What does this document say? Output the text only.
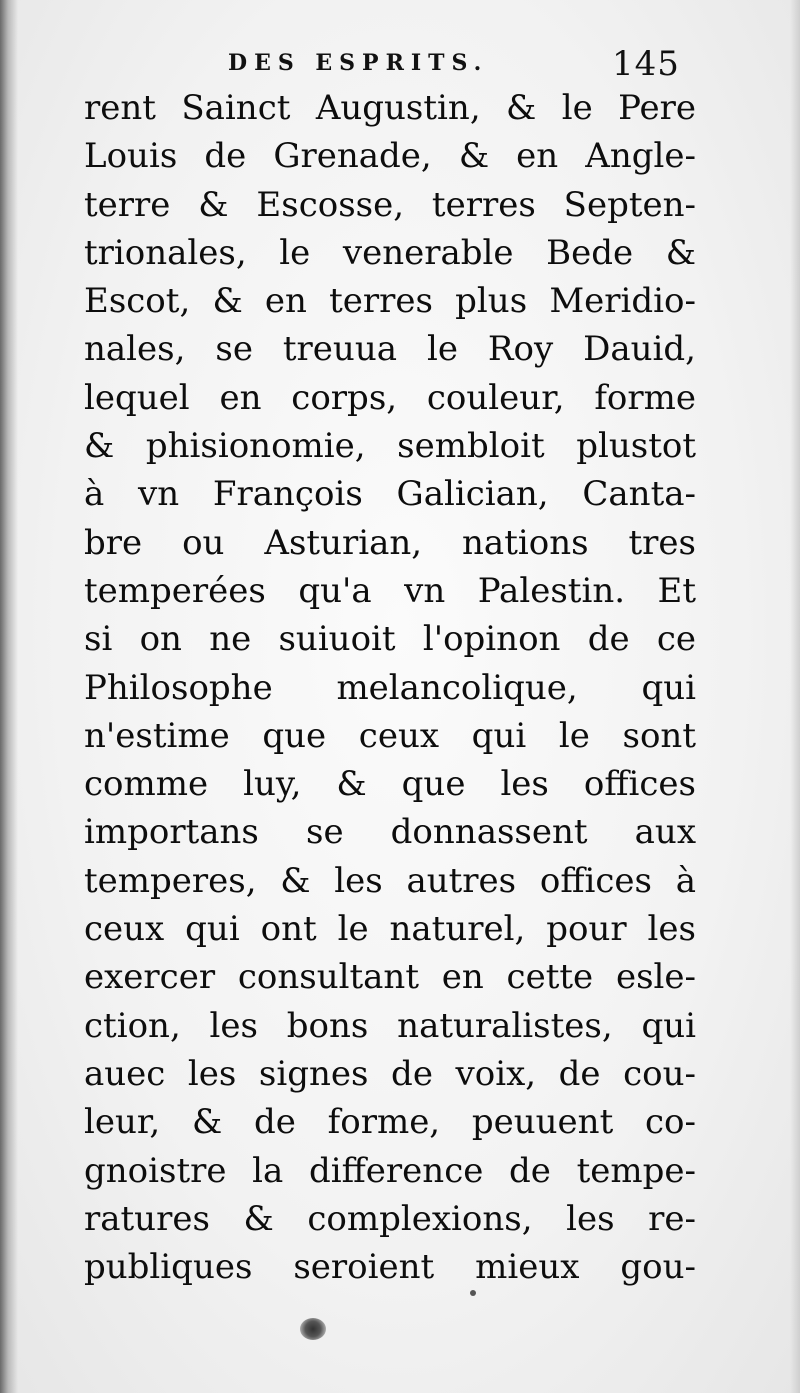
DES ESPRITS.	145
rent Sainct Augustin, & le Pere
Louis de Grenade, & en Angle-
terre & Escosse, terres Septen-
trionales, le venerable Bede &
Escot, & en terres plus Meridio-
nales, se treuua le Roy Dauid,
lequel en corps, couleur, forme
& phisionomie, sembloit plustot
à vn François Galician, Canta-
bre ou Asturian, nations tres
temperées qu'a vn Palestin. Et
si on ne suiuoit l'opinon de ce
Philosophe melancolique, qui
n'estime que ceux qui le sont
comme luy, & que les offices
importans se donnassent aux
temperes, & les autres offices à
ceux qui ont le naturel, pour les
exercer consultant en cette esle-
ction, les bons naturalistes, qui
auec les signes de voix, de cou-
leur, & de forme, peuuent co-
gnoistre la difference de tempe-
ratures & complexions, les re-
publiques seroient mieux gou-
